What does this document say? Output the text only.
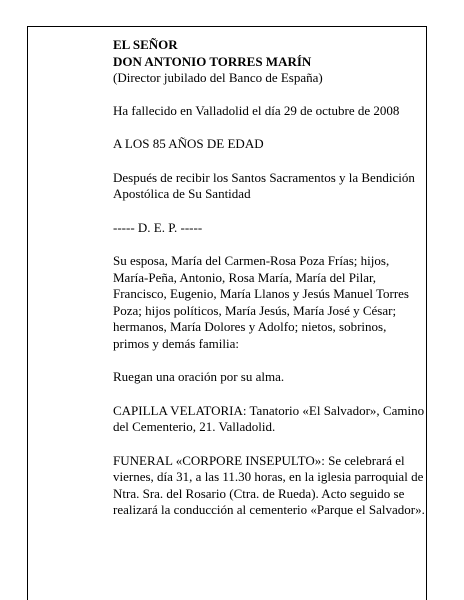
EL SEÑOR

DON ANTONIO TORRES MARÍN

(Director jubilado del Banco de España)

Ha fallecido en Valladolid el día 29 de octubre de 2008

A LOS 85 AÑOS DE EDAD

Después de recibir los Santos Sacramentos y la Bendición Apostólica de Su Santidad

----- D. E. P. -----

Su esposa, María del Carmen-Rosa Poza Frías; hijos, María-Peña, Antonio, Rosa María, María del Pilar, Francisco, Eugenio, María Llanos y Jesús Manuel Torres Poza; hijos políticos, María Jesús, María José y César; hermanos, María Dolores y Adolfo; nietos, sobrinos, primos y demás familia:

Ruegan una oración por su alma.

CAPILLA VELATORIA: Tanatorio «El Salvador», Camino del Cementerio, 21. Valladolid.

FUNERAL «CORPORE INSEPULTO»: Se celebrará el viernes, día 31, a las 11.30 horas, en la iglesia parroquial de Ntra. Sra. del Rosario (Ctra. de Rueda). Acto seguido se realizará la conducción al cementerio «Parque el Salvador».
